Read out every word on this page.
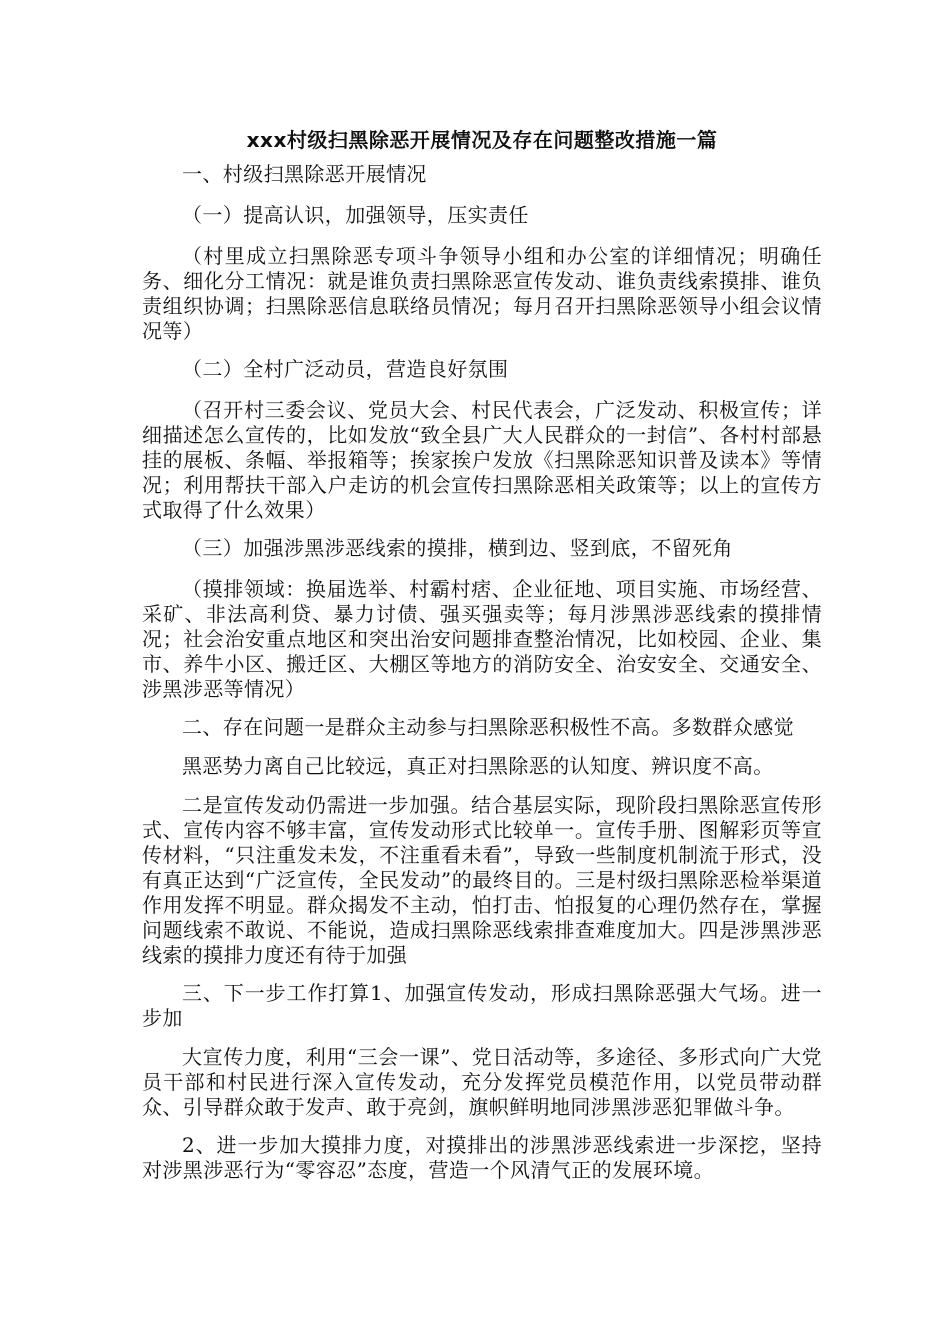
xxx村级扫黑除恶开展情况及存在问题整改措施一篇

一、村级扫黑除恶开展情况

（一）提高认识，加强领导，压实责任

（村里成立扫黑除恶专项斗争领导小组和办公室的详细情况；明确任务、细化分工情况：就是谁负责扫黑除恶宣传发动、谁负责线索摸排、谁负责组织协调；扫黑除恶信息联络员情况；每月召开扫黑除恶领导小组会议情况等）

（二）全村广泛动员，营造良好氛围

（召开村三委会议、党员大会、村民代表会，广泛发动、积极宣传；详细描述怎么宣传的，比如发放“致全县广大人民群众的一封信”、各村村部悬挂的展板、条幅、举报箱等；挨家挨户发放《扫黑除恶知识普及读本》等情况；利用帮扶干部入户走访的机会宣传扫黑除恶相关政策等；以上的宣传方式取得了什么效果）

（三）加强涉黑涉恶线索的摸排，横到边、竖到底，不留死角

（摸排领域：换届选举、村霸村痞、企业征地、项目实施、市场经营、采矿、非法高利贷、暴力讨债、强买强卖等；每月涉黑涉恶线索的摸排情况；社会治安重点地区和突出治安问题排查整治情况，比如校园、企业、集市、养牛小区、搬迁区、大棚区等地方的消防安全、治安安全、交通安全、涉黑涉恶等情况）

二、存在问题一是群众主动参与扫黑除恶积极性不高。多数群众感觉

黑恶势力离自己比较远，真正对扫黑除恶的认知度、辨识度不高。

二是宣传发动仍需进一步加强。结合基层实际，现阶段扫黑除恶宣传形式、宣传内容不够丰富，宣传发动形式比较单一。宣传手册、图解彩页等宣传材料，“只注重发未发，不注重看未看”，导致一些制度机制流于形式，没有真正达到“广泛宣传，全民发动”的最终目的。三是村级扫黑除恶检举渠道作用发挥不明显。群众揭发不主动，怕打击、怕报复的心理仍然存在，掌握问题线索不敢说、不能说，造成扫黑除恶线索排查难度加大。四是涉黑涉恶线索的摸排力度还有待于加强

三、下一步工作打算1、加强宣传发动，形成扫黑除恶强大气场。进一步加

大宣传力度，利用“三会一课”、党日活动等，多途径、多形式向广大党员干部和村民进行深入宣传发动，充分发挥党员模范作用，以党员带动群众、引导群众敢于发声、敢于亮剑，旗帜鲜明地同涉黑涉恶犯罪做斗争。

2、进一步加大摸排力度，对摸排出的涉黑涉恶线索进一步深挖，坚持对涉黑涉恶行为“零容忍”态度，营造一个风清气正的发展环境。
